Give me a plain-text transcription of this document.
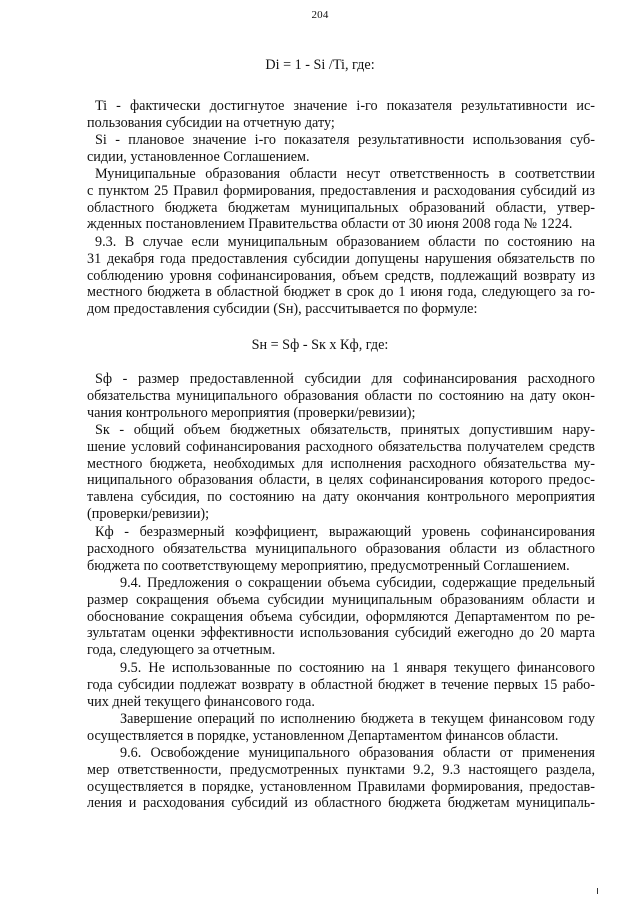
204
Di = 1 - Si /Ti, где:
Ti - фактически достигнутое значение i-го показателя результативности ис-
пользования субсидии на отчетную дату;
Si - плановое значение i-го показателя результативности использования суб-
сидии, установленное Соглашением.
Муниципальные образования области несут ответственность в соответствии
с пунктом 25 Правил формирования, предоставления и расходования субсидий из
областного бюджета бюджетам муниципальных образований области, утвер-
жденных постановлением Правительства области от 30 июня 2008 года № 1224.
9.3. В случае если муниципальным образованием области по состоянию на
31 декабря года предоставления субсидии допущены нарушения обязательств по
соблюдению уровня софинансирования, объем средств, подлежащий возврату из
местного бюджета в областной бюджет в срок до 1 июня года, следующего за го-
дом предоставления субсидии (Sн), рассчитывается по формуле:
Sн = Sф - Sк x Кф, где:
Sф - размер предоставленной субсидии для софинансирования расходного
обязательства муниципального образования области по состоянию на дату окон-
чания контрольного мероприятия (проверки/ревизии);
Sк - общий объем бюджетных обязательств, принятых допустившим нару-
шение условий софинансирования расходного обязательства получателем средств
местного бюджета, необходимых для исполнения расходного обязательства му-
ниципального образования области, в целях софинансирования которого предос-
тавлена субсидия, по состоянию на дату окончания контрольного мероприятия
(проверки/ревизии);
Кф - безразмерный коэффициент, выражающий уровень софинансирования
расходного обязательства муниципального образования области из областного
бюджета по соответствующему мероприятию, предусмотренный Соглашением.
9.4. Предложения о сокращении объема субсидии, содержащие предельный
размер сокращения объема субсидии муниципальным образованиям области и
обоснование сокращения объема субсидии, оформляются Департаментом по ре-
зультатам оценки эффективности использования субсидий ежегодно до 20 марта
года, следующего за отчетным.
9.5. Не использованные по состоянию на 1 января текущего финансового
года субсидии подлежат возврату в областной бюджет в течение первых 15 рабо-
чих дней текущего финансового года.
Завершение операций по исполнению бюджета в текущем финансовом году
осуществляется в порядке, установленном Департаментом финансов области.
9.6. Освобождение муниципального образования области от применения
мер ответственности, предусмотренных пунктами 9.2, 9.3 настоящего раздела,
осуществляется в порядке, установленном Правилами формирования, предостав-
ления и расходования субсидий из областного бюджета бюджетам муниципаль-
